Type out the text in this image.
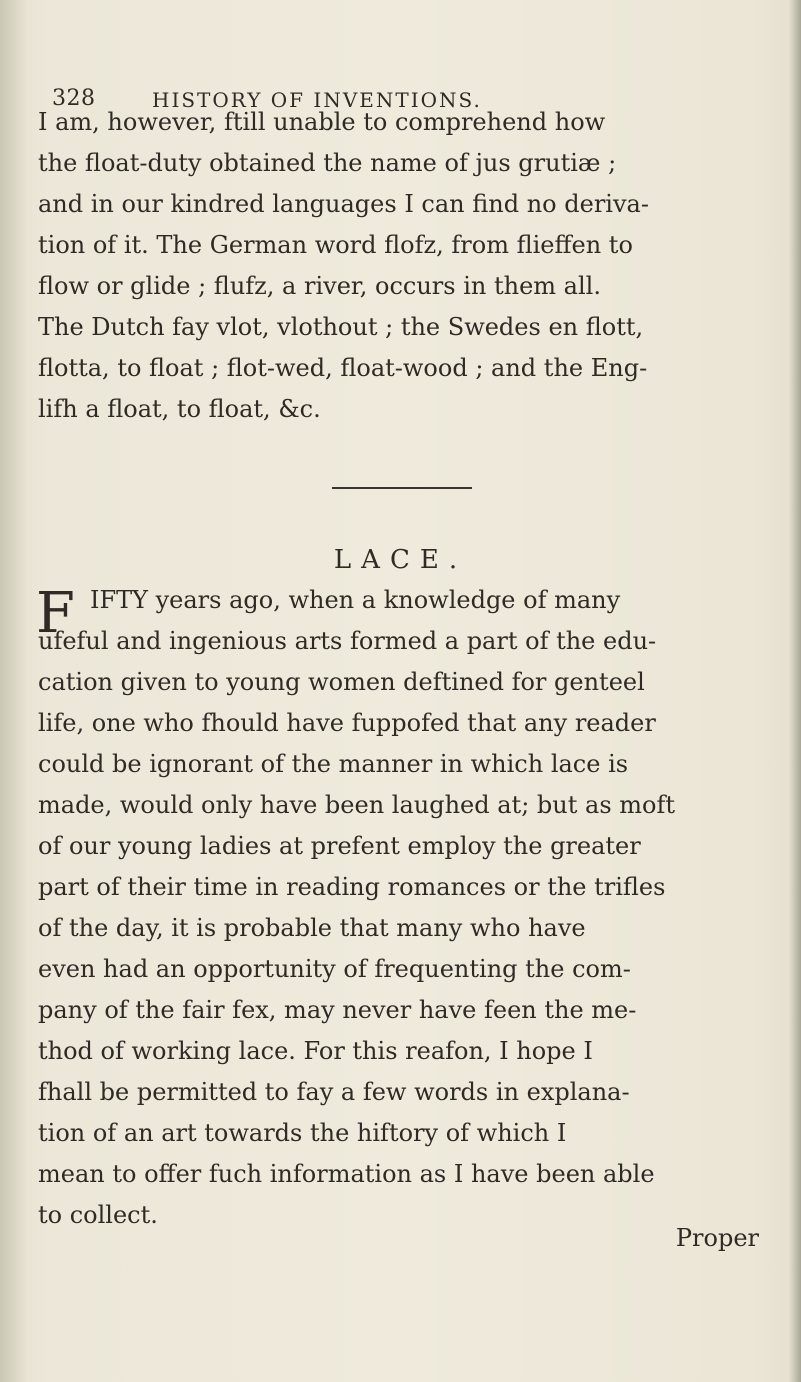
328	HISTORY OF INVENTIONS.
I am, however, ftill unable to comprehend how
the float-duty obtained the name of jus grutiæ ;
and in our kindred languages I can find no deriva-
tion of it. The German word flofz, from flieffen to
flow or glide ; flufz, a river, occurs in them all.
The Dutch fay vlot, vlothout ; the Swedes en flott,
flotta, to float ; flot-wed, float-wood ; and the Eng-
lifh a float, to float, &c.
LACE.
F IFTY years ago, when a knowledge of many
ufeful and ingenious arts formed a part of the edu-
cation given to young women deftined for genteel
life, one who fhould have fuppofed that any reader
could be ignorant of the manner in which lace is
made, would only have been laughed at; but as moft
of our young ladies at prefent employ the greater
part of their time in reading romances or the trifles
of the day, it is probable that many who have
even had an opportunity of frequenting the com-
pany of the fair fex, may never have feen the me-
thod of working lace. For this reafon, I hope I
fhall be permitted to fay a few words in explana-
tion of an art towards the hiftory of which I
mean to offer fuch information as I have been able
to collect.
Proper
